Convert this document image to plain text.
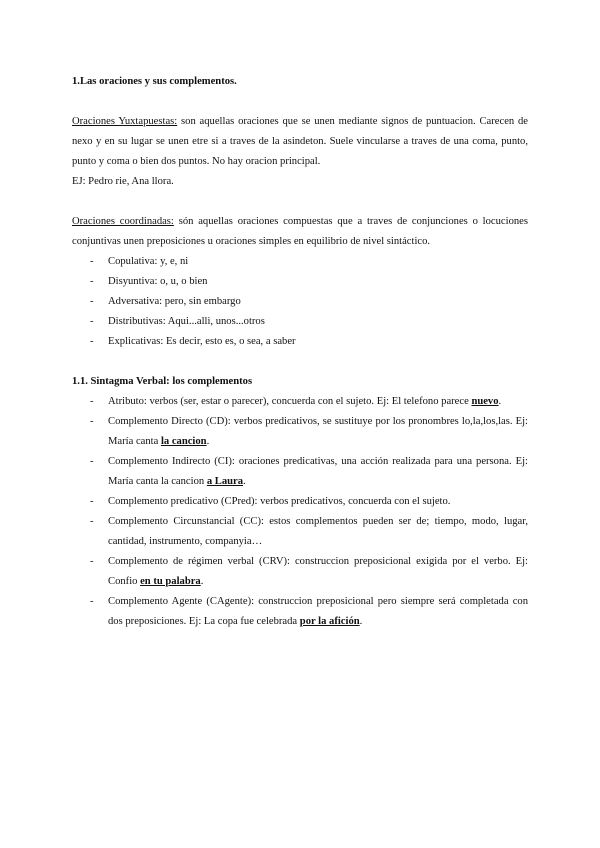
1.Las oraciones y sus complementos.
Oraciones Yuxtapuestas: son aquellas oraciones que se unen mediante signos de puntuacion. Carecen de nexo y en su lugar se unen etre si a traves de la asindeton. Suele vincularse a traves de una coma, punto, punto y coma o bien dos puntos. No hay oracion principal.
EJ: Pedro rie, Ana llora.
Oraciones coordinadas: són aquellas oraciones compuestas que a traves de conjunciones o locuciones conjuntivas unen preposiciones u oraciones simples en equilibrio de nivel sintáctico.
- Copulativa: y, e, ni
- Disyuntiva: o, u, o bien
- Adversativa: pero, sin embargo
- Distributivas: Aqui...alli, unos...otros
- Explicativas: Es decir, esto es, o sea, a saber
1.1. Sintagma Verbal: los complementos
- Atributo: verbos (ser, estar o parecer), concuerda con el sujeto. Ej: El telefono parece nuevo.
- Complemento Directo (CD): verbos predicativos, se sustituye por los pronombres lo,la,los,las. Ej: María canta la cancion.
- Complemento Indirecto (CI): oraciones predicativas, una acción realizada para una persona. Ej: María canta la cancion a Laura.
- Complemento predicativo (CPred): verbos predicativos, concuerda con el sujeto.
- Complemento Circunstancial (CC): estos complementos pueden ser de; tiempo, modo, lugar, cantidad, instrumento, companyia…
- Complemento de régimen verbal (CRV): construccion preposicional exigida por el verbo. Ej: Confio en tu palabra.
- Complemento Agente (CAgente): construccion preposicional pero siempre será completada con dos preposiciones. Ej: La copa fue celebrada por la afición.
